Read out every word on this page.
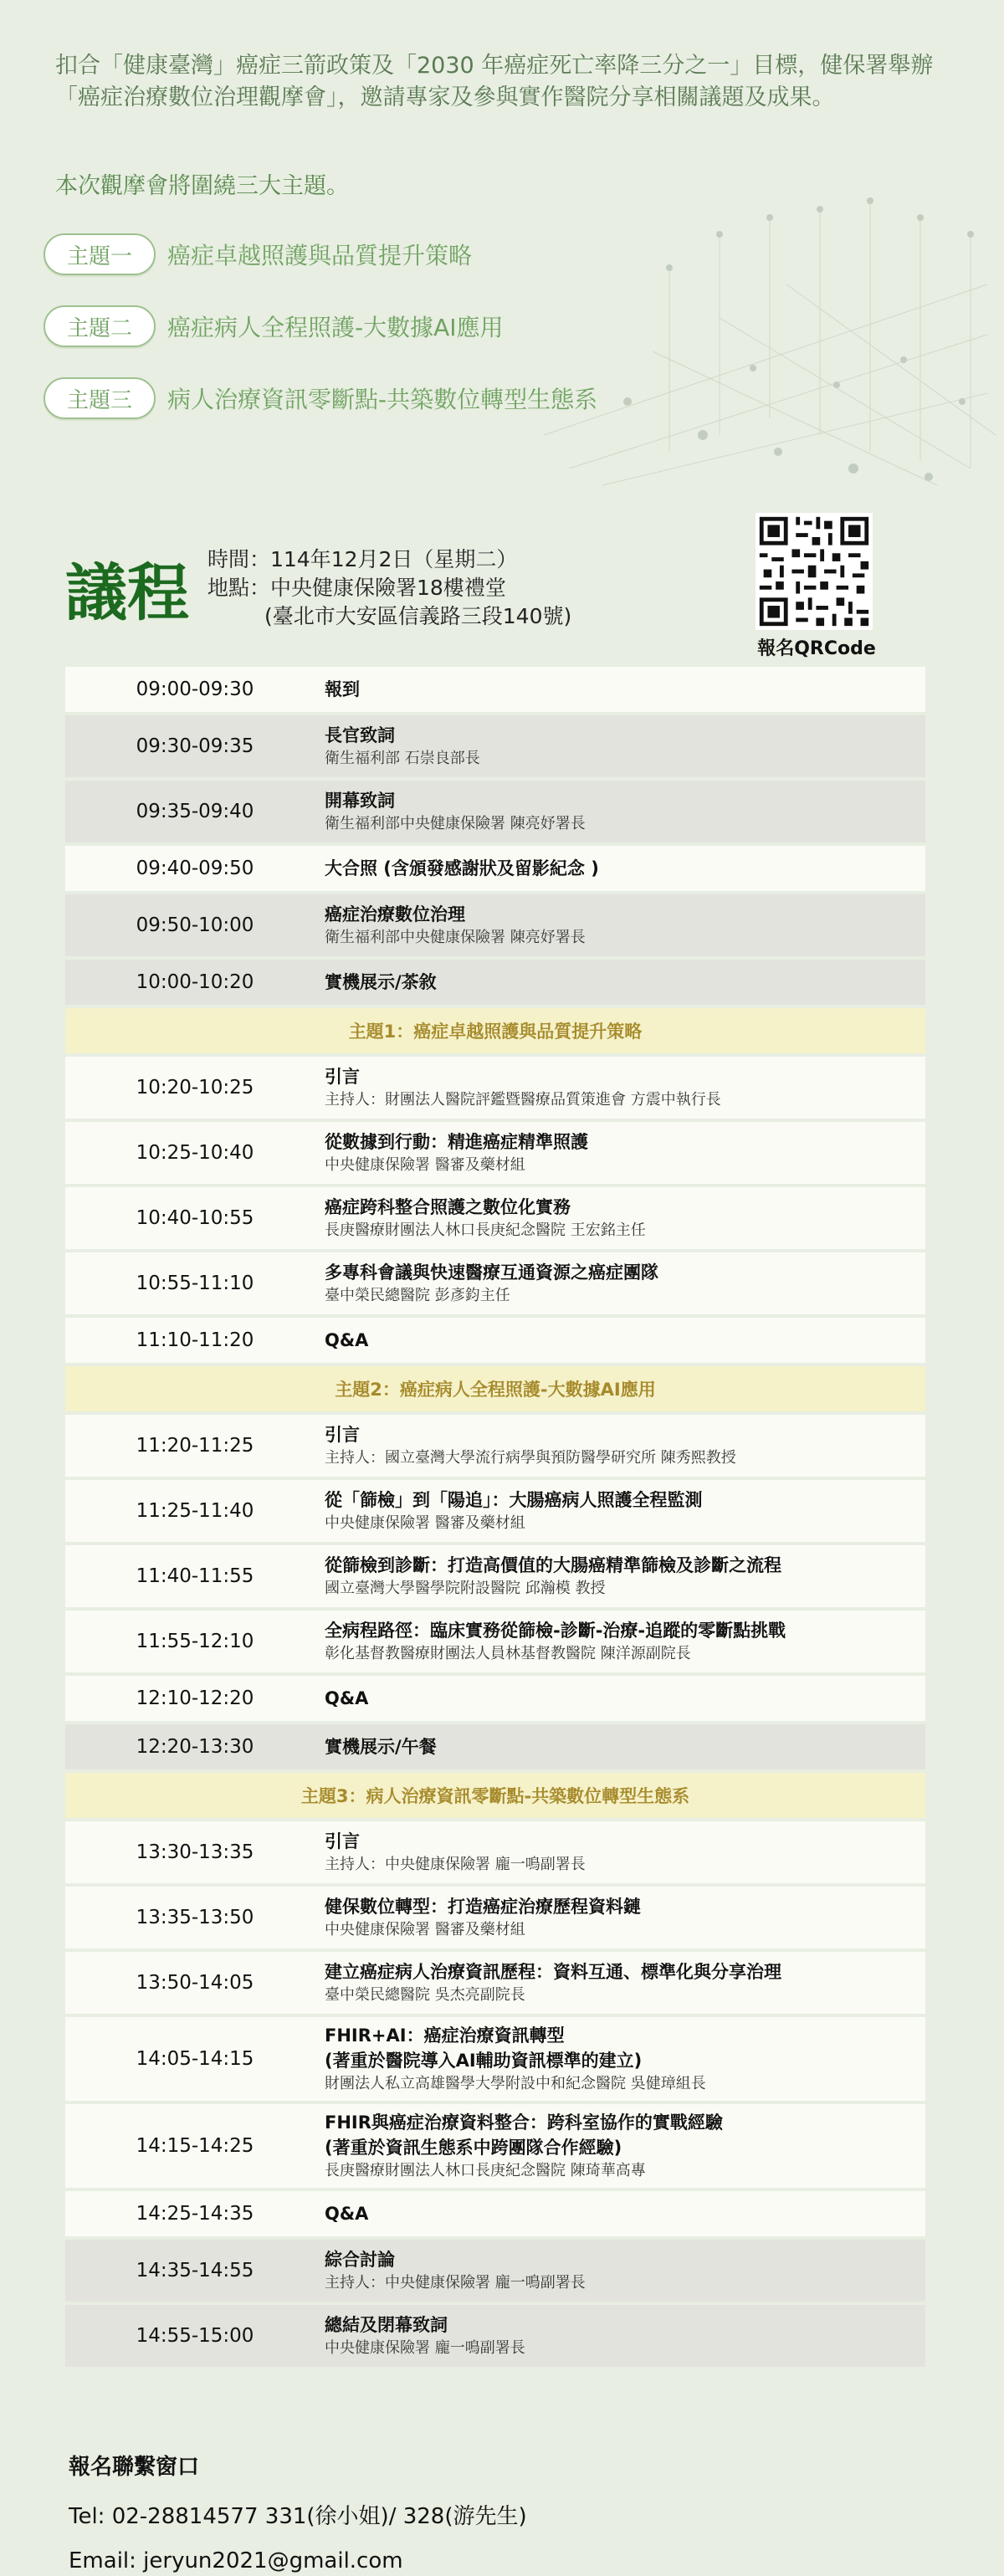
扣合「健康臺灣」癌症三箭政策及「2030 年癌症死亡率降三分之一」目標，健保署舉辦「癌症治療數位治理觀摩會」，邀請專家及參與實作醫院分享相關議題及成果。
本次觀摩會將圍繞三大主題。
主題一	癌症卓越照護與品質提升策略
主題二	癌症病人全程照護-大數據AI應用
主題三	病人治療資訊零斷點-共築數位轉型生態系
議程 時間：114年12月2日（星期二）
地點：中央健康保險署18樓禮堂
(臺北市大安區信義路三段140號)
報名QRCode
09:00-09:30	報到
09:30-09:35	長官致詞
衛生福利部 石崇良部長
09:35-09:40	開幕致詞
衛生福利部中央健康保險署 陳亮妤署長
09:40-09:50	大合照 (含頒發感謝狀及留影紀念 )
09:50-10:00	癌症治療數位治理
衛生福利部中央健康保險署 陳亮妤署長
10:00-10:20	實機展示/茶敘
主題1：癌症卓越照護與品質提升策略
10:20-10:25	引言
主持人：財團法人醫院評鑑暨醫療品質策進會 方震中執行長
10:25-10:40	從數據到行動：精進癌症精準照護
中央健康保險署 醫審及藥材組
10:40-10:55	癌症跨科整合照護之數位化實務
長庚醫療財團法人林口長庚紀念醫院 王宏銘主任
10:55-11:10	多專科會議與快速醫療互通資源之癌症團隊
臺中榮民總醫院 彭彥鈞主任
11:10-11:20	Q&A
主題2：癌症病人全程照護-大數據AI應用
11:20-11:25	引言
主持人：國立臺灣大學流行病學與預防醫學研究所 陳秀熙教授
11:25-11:40	從「篩檢」到「陽追」：大腸癌病人照護全程監測
中央健康保險署 醫審及藥材組
11:40-11:55	從篩檢到診斷：打造高價值的大腸癌精準篩檢及診斷之流程
國立臺灣大學醫學院附設醫院 邱瀚模 教授
11:55-12:10	全病程路徑：臨床實務從篩檢-診斷-治療-追蹤的零斷點挑戰
彰化基督教醫療財團法人員林基督教醫院 陳洋源副院長
12:10-12:20	Q&A
12:20-13:30	實機展示/午餐
主題3：病人治療資訊零斷點-共築數位轉型生態系
13:30-13:35	引言
主持人：中央健康保險署 龐一鳴副署長
13:35-13:50	健保數位轉型：打造癌症治療歷程資料鏈
中央健康保險署 醫審及藥材組
13:50-14:05	建立癌症病人治療資訊歷程：資料互通、標準化與分享治理
臺中榮民總醫院 吳杰亮副院長
14:05-14:15
FHIR+AI：癌症治療資訊轉型
(著重於醫院導入AI輔助資訊標準的建立)
財團法人私立高雄醫學大學附設中和紀念醫院 吳健璋組長
14:15-14:25
FHIR與癌症治療資料整合：跨科室協作的實戰經驗
(著重於資訊生態系中跨團隊合作經驗)
長庚醫療財團法人林口長庚紀念醫院 陳琦華高專
14:25-14:35	Q&A
14:35-14:55	綜合討論
主持人：中央健康保險署 龐一鳴副署長
14:55-15:00	總結及閉幕致詞
中央健康保險署 龐一鳴副署長
報名聯繫窗口

Tel: 02-28814577 331(徐小姐)/ 328(游先生)

Email: jeryun2021@gmail.com
